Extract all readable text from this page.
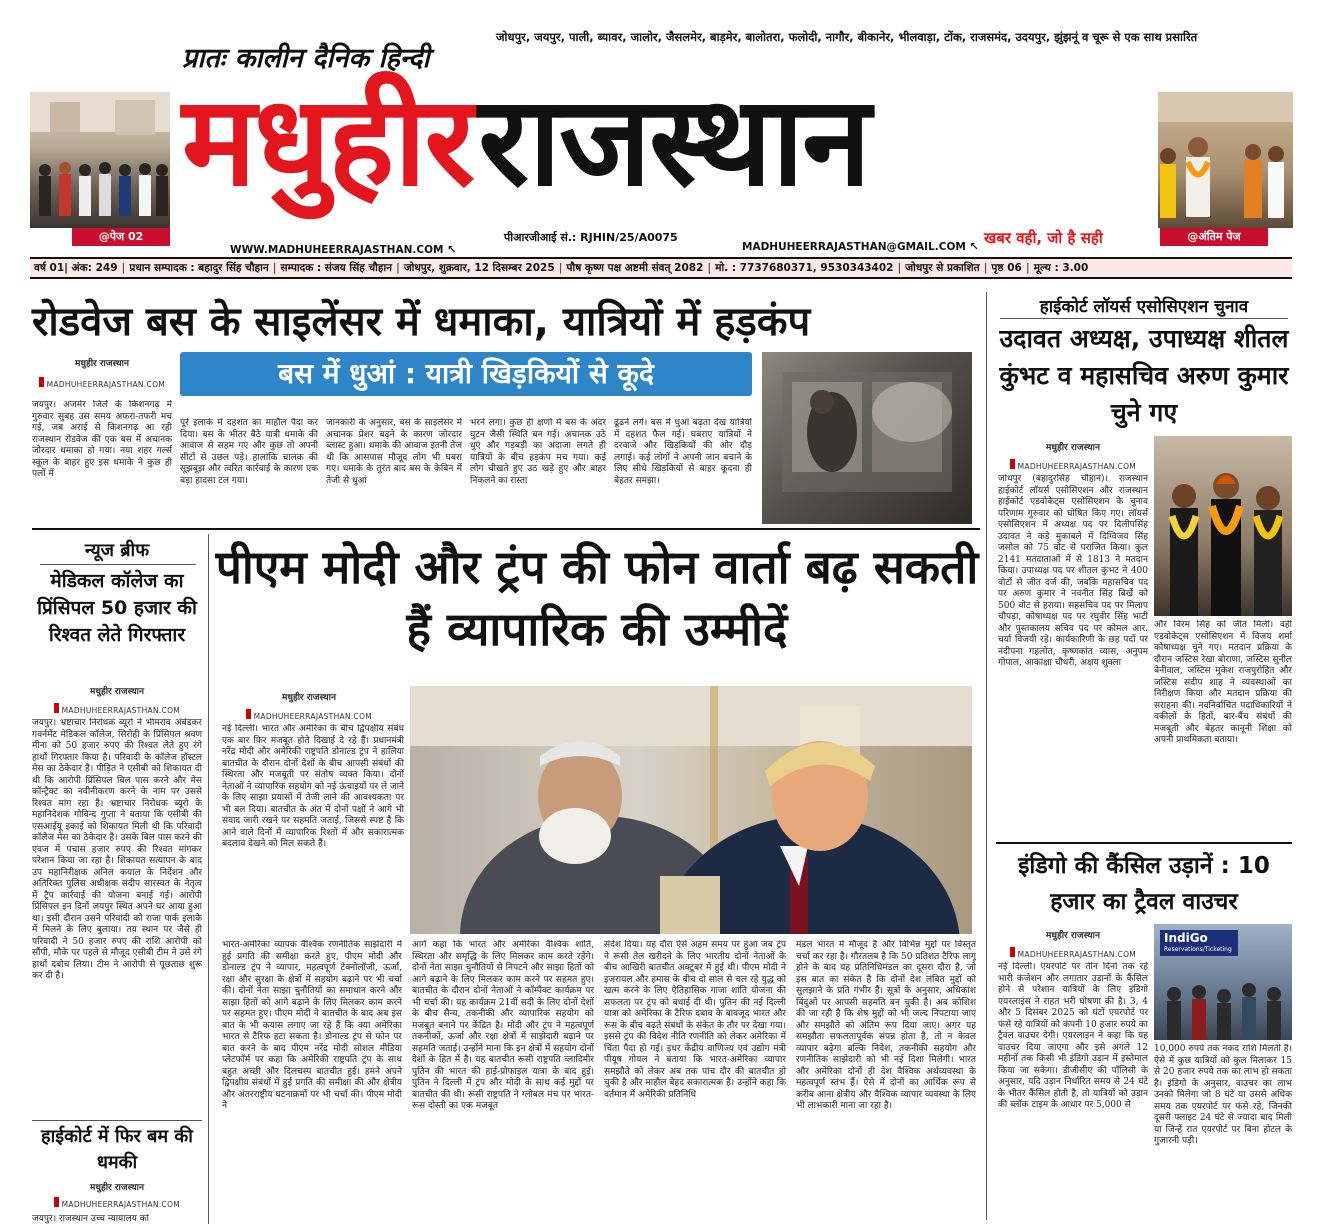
@पेज 02
प्रातः कालीन दैनिक हिन्दी
जोधपुर, जयपुर, पाली, ब्यावर, जालोर, जैसलमेर, बाड़मेर, बालोतरा, फलोदी, नागौर, बीकानेर, भीलवाड़ा, टोंक, राजसमंद, उदयपुर, झुंझनूं व चूरू से एक साथ प्रसारित
मधुहीर राजस्थान
@अंतिम पेज
WWW.MADHUHEERRAJASTHAN.COM ↖
पीआरजीआई सं.: RJHIN/25/A0075
MADHUHEERRAJASTHAN@GMAIL.COM ↖ खबर वही, जो है सही
वर्ष 01| अंक: 249 | प्रधान सम्पादक : बहादुर सिंह चौहान | सम्पादक : संजय सिंह चौहान | जोधपुर, शुक्रवार, 12 दिसम्बर 2025 | पौष कृष्ण पक्ष अष्टमी संवत् 2082 | मो. : 7737680371, 9530343402 | जोधपुर से प्रकाशित | पृष्ठ 06 | मूल्य : 3.00
रोडवेज बस के साइलेंसर में धमाका, यात्रियों में हड़कंप
मधुहीर राजस्थान
MADHUHEERRAJASTHAN.COM	बस में धुआं : यात्री खिड़कियों से कूदे
जयपुर। अजमेर जिले के किशनगढ़ में गुरुवार सुबह उस समय अफरा-तफरी मच गई, जब अराई से किशनगढ़ आ रही राजस्थान रोडवेज की एक बस में अचानक जोरदार धमाका हो गया। नया शहर गर्ल्स स्कूल के बाहर हुए इस धमाके ने कुछ ही पलों में
पूरे इलाके में दहशत का माहौल पैदा कर दिया। बस के भीतर बैठे यात्री धमाके की आवाज से सहम गए और कुछ तो अपनी सीटों से उछल पड़े। हालांकि चालक की सूझबूझ और त्वरित कार्रवाई के कारण एक बड़ा हादसा टल गया।
जानकारी के अनुसार, बस के साइलेंसर में अचानक प्रेशर बढ़ने के कारण जोरदार ब्लास्ट हुआ। धमाके की आवाज इतनी तेज थी कि आसपास मौजूद लोग भी घबरा गए। धमाके के तुरंत बाद बस के केबिन में तेजी से धुआं
भरने लगा। कुछ ही क्षणों में बस के अंदर घुटन जैसी स्थिति बन गई। अचानक उठे धुएं और गड़बड़ी का अंदाजा लगते ही यात्रियों के बीच हड़कंप मच गया। कई लोग चीखते हुए उठ खड़े हुए और बाहर निकलने का रास्ता
ढूंढने लगे। बस में धुआं बढ़ता देख यात्रियों में दहशत फैल गई। घबराए यात्रियों ने दरवाजे और खिड़कियों की ओर दौड़ लगाई। कई लोगों ने अपनी जान बचाने के लिए सीधे खिड़कियों से बाहर कूदना ही बेहतर समझा।
हाईकोर्ट लॉयर्स एसोसिएशन चुनाव
उदावत अध्यक्ष, उपाध्यक्ष शीतल कुंभट व महासचिव अरुण कुमार चुने गए
मधुहीर राजस्थान
MADHUHEERRAJASTHAN.COM
जोधपुर (बहादुरसिंह चौहान)। राजस्थान हाईकोर्ट लॉयर्स एसोसिएशन और राजस्थान हाईकोर्ट एडवोकेट्स एसोसिएशन के चुनाव परिणाम गुरुवार को घोषित किए गए। लॉयर्स एसोसिएशन में अध्यक्ष पद पर दिलीपसिंह उदावत ने कड़े मुकाबले में दिग्विजय सिंह जसोल को 75 वोट से पराजित किया। कुल 2141 मतदाताओं में से 1813 ने मतदान किया। उपाध्यक्ष पद पर शीतल कुंभट ने 400 वोटों से जीत दर्ज की, जबकि महासचिव पद पर अरुण कुमार ने नवनीत सिंह बिर्खे को 500 वोट से हराया। सहसचिव पद पर मिलाप चौपड़ा, कोषाध्यक्ष पद पर रघुवीर सिंह भाटी और पुस्तकालय सचिव पद पर कोमल आर. चर्या विजयी रहे। कार्यकारिणी के छह पदों पर नंदीपना गहलोत, कृष्णकांत व्यास, अनुपम गोपाल, आकांक्षा चौधरी, अक्षय शुक्ला
और विरम सिंह को जीत मिली। वहीं एडवोकेट्स एसोसिएशन में विजय शर्मा कोषाध्यक्ष चुने गए। मतदान प्रक्रिया के दौरान जस्टिस रेखा बोराणा, जस्टिस सुनील बेनीवाल, जस्टिस मुकेश राजपुरोहित और जस्टिस संदीप शाह ने व्यवस्थाओं का निरीक्षण किया और मतदान प्रक्रिया की सराहना की। नवनिर्वाचित पदाधिकारियों ने वकीलों के हितों, बार-बैंच संबंधों की मजबूती और बेहतर कानूनी शिक्षा को अपनी प्राथमिकता बताया।
इंडिगो की कैंसिल उड़ानें : 10 हजार का ट्रैवल वाउचर
मधुहीर राजस्थान
MADHUHEERRAJASTHAN.COM
IndiGo
Reservations/Ticketing
नई दिल्ली। एयरपोर्ट पर तीन दिनों तक रहे भारी कंजेशन और लगातार उड़ानों के कैंसिल होने से परेशान यात्रियों के लिए इंडिगो एयरलाइंस ने राहत भरी घोषणा की है। 3, 4 और 5 दिसंबर 2025 को घंटों एयरपोर्ट पर फंसे रहे यात्रियों को कंपनी 10 हजार रुपये का ट्रैवल वाउचर देगी। एयरलाइन ने कहा कि यह वाउचर दिया जाएगा और इसे अगले 12 महीनों तक किसी भी इंडिगो उड़ान में इस्तेमाल किया जा सकेगा। डीजीसीए की पॉलिसी के अनुसार, यदि उड़ान निर्धारित समय से 24 घंटे के भीतर कैंसिल होती है, तो यात्रियों को उड़ान की ब्लॉक टाइम के आधार पर 5,000 से
10,000 रुपये तक नकद राशि मिलती है। ऐसे में कुछ यात्रियों को कुल मिलाकर 15 से 20 हजार रुपये तक का लाभ हो सकता है। इंडिगो के अनुसार, वाउचर का लाभ उनको मिलेगा जो 8 घंटे या उससे अधिक समय तक एयरपोर्ट पर फंसे रहे, जिनकी दूसरी फ्लाइट 24 घंटे से ज्यादा बाद मिली या जिन्हें रात एयरपोर्ट पर बिना होटल के गुजारनी पड़ी।
न्यूज ब्रीफ
मेडिकल कॉलेज का प्रिंसिपल 50 हजार की रिश्वत लेते गिरफ्तार
मधुहीर राजस्थान
MADHUHEERRAJASTHAN.COM
जयपुर। भ्रष्टाचार निरोधक ब्यूरो ने भीमराव अंबेडकर गवर्नमेंट मेडिकल कॉलेज, सिरोही के प्रिंसिपल श्रवण मीना को 50 हजार रुपए की रिश्वत लेते हुए रंगे हाथों गिरफ्तार किया है। परिवादी के कॉलेज हॉस्टल मेस का ठेकेदार है। पीड़ित ने एसीबी को शिकायत दी थी कि आरोपी प्रिंसिपल बिल पास करने और मेस कॉन्ट्रैक्ट का नवीनीकरण करने के नाम पर उससे रिश्वत मांग रहा है। भ्रष्टाचार निरोधक ब्यूरो के महानिदेशक गोविन्द गुप्ता ने बताया कि एसीबी की एसआईयू इकाई को शिकायत मिली थी कि परिवादी कॉलेज मेस का ठेकेदार है। उसके बिल पास करने की एवज में पचास हजार रुपए की रिश्वत मांगकर परेशान किया जा रहा है। शिकायत सत्यापन के बाद उप महानिरीक्षक अनिल कयाल के निर्देशन और अतिरिक्त पुलिस अधीक्षक संदीप सारस्वत के नेतृत्व में ट्रैप कार्रवाई की योजना बनाई गई। आरोपी प्रिंसिपल इन दिनों जयपुर स्थित अपने घर आया हुआ था। इसी दौरान उसने परिवादी को राजा पार्क इलाके में मिलने के लिए बुलाया। तय स्थान पर जैसे ही परिवादी ने 50 हजार रुपए की राशि आरोपी को सौंपी, मौके पर पहले से मौजूद एसीबी टीम ने उसे रंगे हाथों दबोच लिया। टीम ने आरोपी से पूछताछ शुरू कर दी है।
हाईकोर्ट में फिर बम की धमकी
मधुहीर राजस्थान
MADHUHEERRAJASTHAN.COM
जयपुर। राजस्थान उच्च न्यायालय को
पीएम मोदी और ट्रंप की फोन वार्ता बढ़ सकती हैं व्यापारिक की उम्मीदें
मधुहीर राजस्थान
MADHUHEERRAJASTHAN.COM
नई दिल्ली। भारत और अमेरिका के बीच द्विपक्षीय संबंध एक बार फिर मजबूत होते दिखाई दे रहे हैं। प्रधानमंत्री नरेंद्र मोदी और अमेरिकी राष्ट्रपति डोनाल्ड ट्रंप ने हालिया बातचीत के दौरान दोनों देशों के बीच आपसी संबंधों की स्थिरता और मजबूती पर संतोष व्यक्त किया। दोनों नेताओं ने व्यापारिक सहयोग को नई ऊंचाइयों पर ले जाने के लिए साझा प्रयासों में तेजी लाने की आवश्यकता पर भी बल दिया। बातचीत के अंत में दोनों पक्षों ने आगे भी संवाद जारी रखने पर सहमति जताई, जिससे स्पष्ट है कि आने वाले दिनों में व्यापारिक रिश्तों में और सकारात्मक बदलाव देखने को मिल सकते हैं।
भारत-अमेरिका व्यापक वैश्विक रणनीतिक साझेदारी में हुई प्रगति की समीक्षा करते हुए, पीएम मोदी और डोनाल्ड ट्रंप ने व्यापार, महत्वपूर्ण टेक्नोलॉजी, ऊर्जा, रक्षा और सुरक्षा के क्षेत्रों में सहयोग बढ़ाने पर भी चर्चा की। दोनों नेता साझा चुनौतियों का समाधान करने और साझा हितों को आगे बढ़ाने के लिए मिलकर काम करने पर सहमत हुए। पीएम मोदी ने बातचीत के बाद अब इस बात के भी कयास लगाए जा रहे हैं कि क्या अमेरिका भारत से टैरिफ हटा सकता है। डोनाल्ड ट्रंप से फोन पर बात करने के बाद पीएम नरेंद्र मोदी सोशल मीडिया प्लेटफॉर्म पर कहा कि अमेरिकी राष्ट्रपति ट्रंप के साथ बहुत अच्छी और दिलचस्प बातचीत हुई। हमने अपने द्विपक्षीय संबंधों में हुई प्रगति की समीक्षा की और क्षेत्रीय और अंतरराष्ट्रीय घटनाक्रमों पर भी चर्चा की। पीएम मोदी ने
आगे कहा कि भारत और अमेरिका वैश्विक शांति, स्थिरता और समृद्धि के लिए मिलकर काम करते रहेंगे। दोनों नेता साझा चुनौतियों से निपटने और साझा हितों को आगे बढ़ाने के लिए मिलकर काम करने पर सहमत हुए। बातचीत के दौरान दोनों नेताओं ने कॉम्पैक्ट कार्यक्रम पर भी चर्चा की। यह कार्यक्रम 21वीं सदी के लिए दोनों देशों के बीच सैन्य, तकनीकी और व्यापारिक सहयोग को मजबूत बनाने पर केंद्रित है। मोदी और ट्रंप ने महत्वपूर्ण तकनीकों, ऊर्जा और रक्षा क्षेत्रों में साझेदारी बढ़ाने पर सहमति जताई। उन्होंने माना कि इन क्षेत्रों में सहयोग दोनों देशों के हित में है। यह बातचीत रूसी राष्ट्रपति व्लादिमीर पुतिन की भारत की हाई-प्रोफाइल यात्रा के बाद हुई। पुतिन ने दिल्ली में ट्रंप और मोदी के साथ कई मुद्दों पर बातचीत की थी। रूसी राष्ट्रपति ने ग्लोबल मंच पर भारत-रूस दोस्ती का एक मजबूत
संदेश दिया। यह दौरा ऐसे अहम समय पर हुआ जब ट्रंप ने रूसी तेल खरीदने के लिए भारतीय दोनों नेताओं के बीच आखिरी बातचीत अक्टूबर में हुई थी। पीएम मोदी ने इजरायल और हमास के बीच दो साल से चल रहे युद्ध को खत्म करने के लिए ऐतिहासिक गाजा शांति योजना की सफलता पर ट्रंप को बधाई दी थी। पुतिन की नई दिल्ली यात्रा को अमेरिका के टैरिफ दबाव के बावजूद भारत और रूस के बीच बढ़ते संबंधों के संकेत के तौर पर देखा गया। इससे ट्रंप की विदेश नीति रणनीति को लेकर अमेरिका में चिंता पैदा हो गई। इधर केंद्रीय वाणिज्य एवं उद्योग मंत्री पीयूष गोयल ने बताया कि भारत-अमेरिका व्यापार समझौते को लेकर अब तक पांच दौर की बातचीत हो चुकी है और माहौल बेहद सकारात्मक है। उन्होंने कहा कि वर्तमान में अमेरिकी प्रतिनिधि
मंडल भारत में मौजूद है और विभिन्न मुद्दों पर विस्तृत चर्चा कर रहा है। गौरतलब है कि 50 प्रतिशत टैरिफ लागू होने के बाद यह प्रतिनिधिमंडल का दूसरा दौरा है, जो इस बात का संकेत है कि दोनों देश लंबित मुद्दों को सुलझाने के प्रति गंभीर हैं। सूत्रों के अनुसार, अधिकांश बिंदुओं पर आपसी सहमति बन चुकी है। अब कोशिश की जा रही है कि शेष मुद्दों को भी जल्द निपटाया जाए और समझौते को अंतिम रूप दिया जाए। अगर यह समझौता सफलतापूर्वक संपन्न होता है, तो न केवल व्यापार बढ़ेगा बल्कि निवेश, तकनीकी सहयोग और रणनीतिक साझेदारी को भी नई दिशा मिलेगी। भारत और अमेरिका दोनों ही देश वैश्विक अर्थव्यवस्था के महत्वपूर्ण स्तंभ हैं। ऐसे में दोनों का आर्थिक रूप से करीब आना क्षेत्रीय और वैश्विक व्यापार व्यवस्था के लिए भी लाभकारी माना जा रहा है।
